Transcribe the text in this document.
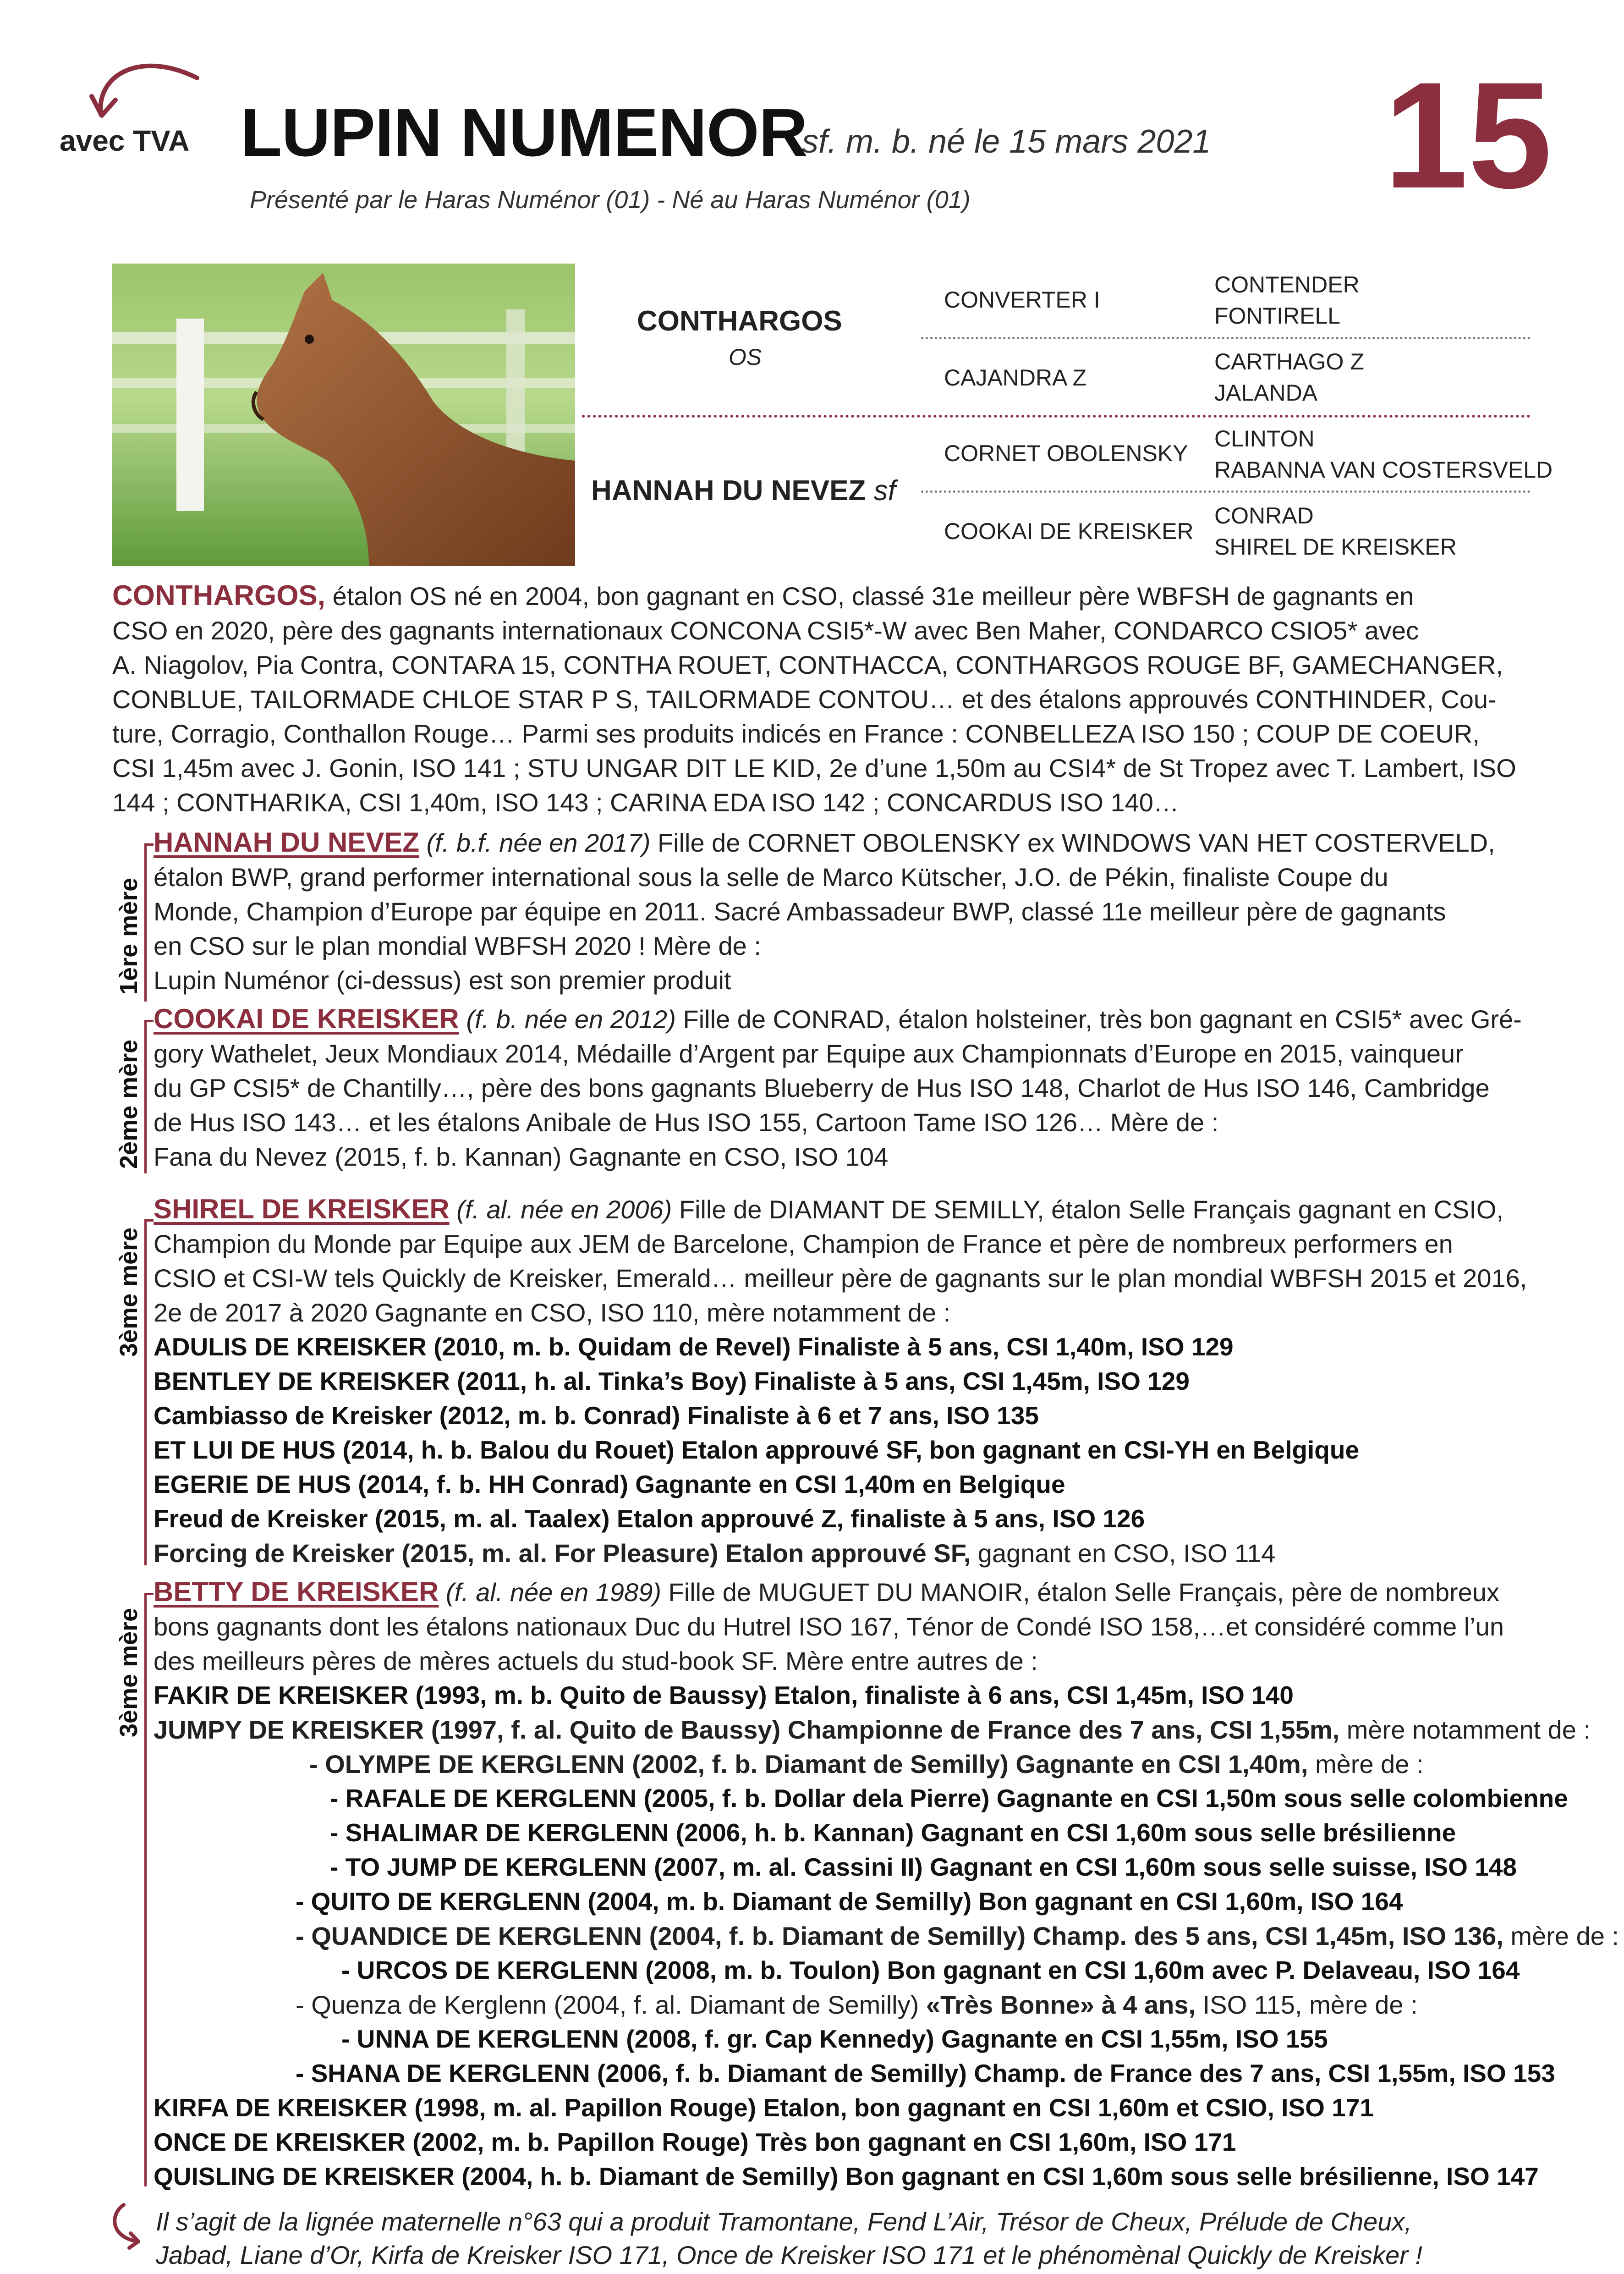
avec TVA LUPIN NUMENOR
sf. m. b. né le 15 mars 2021 15
Présenté par le Haras Numénor (01) - Né au Haras Numénor (01)
CONTHARGOS
OS
HANNAH DU NEVEZ sf
CONVERTER I
CAJANDRA Z
CORNET OBOLENSKY
COOKAI DE KREISKER
CONTENDER
FONTIRELL
CARTHAGO Z
JALANDA
CLINTON
RABANNA VAN COSTERSVELD
CONRAD
SHIREL DE KREISKER
CONTHARGOS, étalon OS né en 2004, bon gagnant en CSO, classé 31e meilleur père WBFSH de gagnants en
CSO en 2020, père des gagnants internationaux CONCONA CSI5*-W avec Ben Maher, CONDARCO CSIO5* avec
A. Niagolov, Pia Contra, CONTARA 15, CONTHA ROUET, CONTHACCA, CONTHARGOS ROUGE BF, GAMECHANGER,
CONBLUE, TAILORMADE CHLOE STAR P S, TAILORMADE CONTOU… et des étalons approuvés CONTHINDER, Cou-
ture, Corragio, Conthallon Rouge… Parmi ses produits indicés en France : CONBELLEZA ISO 150 ; COUP DE COEUR,
CSI 1,45m avec J. Gonin, ISO 141 ; STU UNGAR DIT LE KID, 2e d’une 1,50m au CSI4* de St Tropez avec T. Lambert, ISO
144 ; CONTHARIKA, CSI 1,40m, ISO 143 ; CARINA EDA ISO 142 ; CONCARDUS ISO 140…
1ère mère
HANNAH DU NEVEZ (f. b.f. née en 2017) Fille de CORNET OBOLENSKY ex WINDOWS VAN HET COSTERVELD,
étalon BWP, grand performer international sous la selle de Marco Kütscher, J.O. de Pékin, finaliste Coupe du
Monde, Champion d’Europe par équipe en 2011. Sacré Ambassadeur BWP, classé 11e meilleur père de gagnants
en CSO sur le plan mondial WBFSH 2020 ! Mère de :
Lupin Numénor (ci-dessus) est son premier produit
2ème mère
COOKAI DE KREISKER (f. b. née en 2012) Fille de CONRAD, étalon holsteiner, très bon gagnant en CSI5* avec Gré-
gory Wathelet, Jeux Mondiaux 2014, Médaille d’Argent par Equipe aux Championnats d’Europe en 2015, vainqueur
du GP CSI5* de Chantilly…, père des bons gagnants Blueberry de Hus ISO 148, Charlot de Hus ISO 146, Cambridge
de Hus ISO 143… et les étalons Anibale de Hus ISO 155, Cartoon Tame ISO 126… Mère de :
Fana du Nevez (2015, f. b. Kannan) Gagnante en CSO, ISO 104
3ème mère
SHIREL DE KREISKER (f. al. née en 2006) Fille de DIAMANT DE SEMILLY, étalon Selle Français gagnant en CSIO,
Champion du Monde par Equipe aux JEM de Barcelone, Champion de France et père de nombreux performers en
CSIO et CSI-W tels Quickly de Kreisker, Emerald… meilleur père de gagnants sur le plan mondial WBFSH 2015 et 2016,
2e de 2017 à 2020 Gagnante en CSO, ISO 110, mère notamment de :
ADULIS DE KREISKER (2010, m. b. Quidam de Revel) Finaliste à 5 ans, CSI 1,40m, ISO 129
BENTLEY DE KREISKER (2011, h. al. Tinka’s Boy) Finaliste à 5 ans, CSI 1,45m, ISO 129
Cambiasso de Kreisker (2012, m. b. Conrad) Finaliste à 6 et 7 ans, ISO 135
ET LUI DE HUS (2014, h. b. Balou du Rouet) Etalon approuvé SF, bon gagnant en CSI-YH en Belgique
EGERIE DE HUS (2014, f. b. HH Conrad) Gagnante en CSI 1,40m en Belgique
Freud de Kreisker (2015, m. al. Taalex) Etalon approuvé Z, finaliste à 5 ans, ISO 126
Forcing de Kreisker (2015, m. al. For Pleasure) Etalon approuvé SF, gagnant en CSO, ISO 114
3ème mère
BETTY DE KREISKER (f. al. née en 1989) Fille de MUGUET DU MANOIR, étalon Selle Français, père de nombreux
bons gagnants dont les étalons nationaux Duc du Hutrel ISO 167, Ténor de Condé ISO 158,…et considéré comme l’un
des meilleurs pères de mères actuels du stud-book SF. Mère entre autres de :
FAKIR DE KREISKER (1993, m. b. Quito de Baussy) Etalon, finaliste à 6 ans, CSI 1,45m, ISO 140
JUMPY DE KREISKER (1997, f. al. Quito de Baussy) Championne de France des 7 ans, CSI 1,55m, mère notamment de :
- OLYMPE DE KERGLENN (2002, f. b. Diamant de Semilly) Gagnante en CSI 1,40m, mère de :
- RAFALE DE KERGLENN (2005, f. b. Dollar dela Pierre) Gagnante en CSI 1,50m sous selle colombienne
- SHALIMAR DE KERGLENN (2006, h. b. Kannan) Gagnant en CSI 1,60m sous selle brésilienne
- TO JUMP DE KERGLENN (2007, m. al. Cassini II) Gagnant en CSI 1,60m sous selle suisse, ISO 148
- QUITO DE KERGLENN (2004, m. b. Diamant de Semilly) Bon gagnant en CSI 1,60m, ISO 164
- QUANDICE DE KERGLENN (2004, f. b. Diamant de Semilly) Champ. des 5 ans, CSI 1,45m, ISO 136, mère de :
- URCOS DE KERGLENN (2008, m. b. Toulon) Bon gagnant en CSI 1,60m avec P. Delaveau, ISO 164
- Quenza de Kerglenn (2004, f. al. Diamant de Semilly) «Très Bonne» à 4 ans, ISO 115, mère de :
- UNNA DE KERGLENN (2008, f. gr. Cap Kennedy) Gagnante en CSI 1,55m, ISO 155
- SHANA DE KERGLENN (2006, f. b. Diamant de Semilly) Champ. de France des 7 ans, CSI 1,55m, ISO 153
KIRFA DE KREISKER (1998, m. al. Papillon Rouge) Etalon, bon gagnant en CSI 1,60m et CSIO, ISO 171
ONCE DE KREISKER (2002, m. b. Papillon Rouge) Très bon gagnant en CSI 1,60m, ISO 171
QUISLING DE KREISKER (2004, h. b. Diamant de Semilly) Bon gagnant en CSI 1,60m sous selle brésilienne, ISO 147
Il s’agit de la lignée maternelle n°63 qui a produit Tramontane, Fend L’Air, Trésor de Cheux, Prélude de Cheux,
Jabad, Liane d’Or, Kirfa de Kreisker ISO 171, Once de Kreisker ISO 171 et le phénomènal Quickly de Kreisker !
